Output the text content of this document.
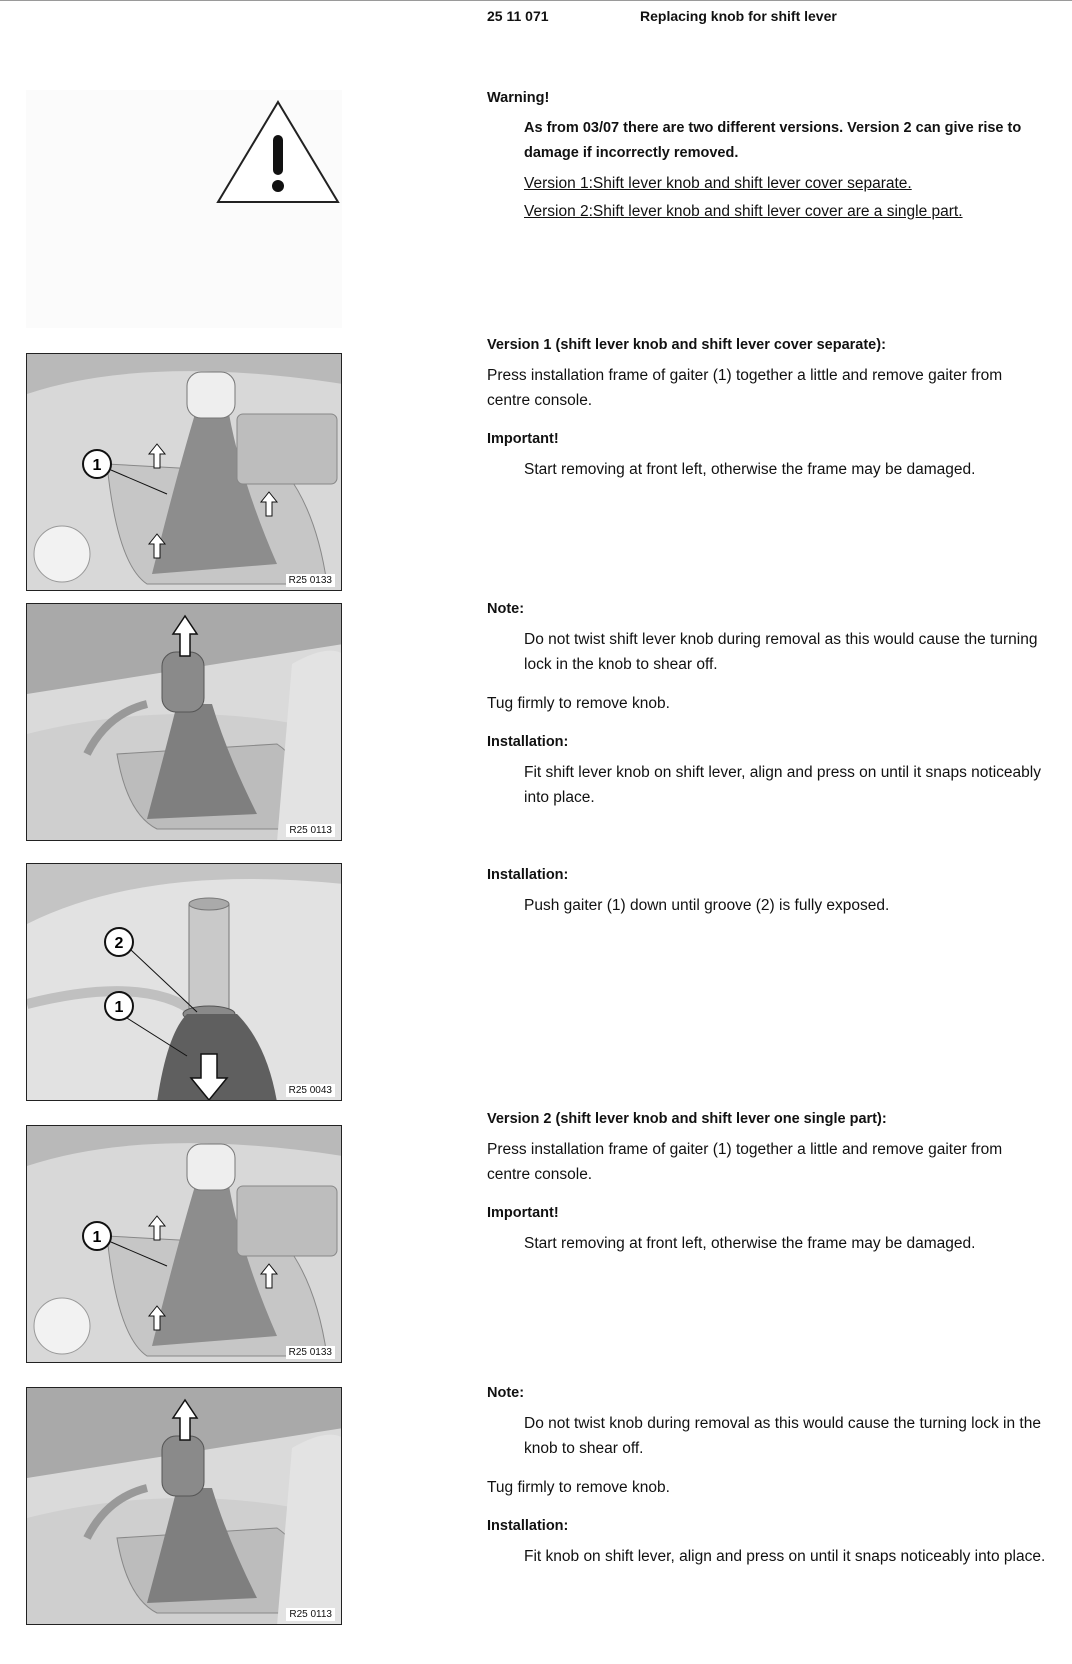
25 11 071	Replacing knob for shift lever
Warning!
As from 03/07 there are two different versions. Version 2 can give rise to damage if incorrectly removed.
Version 1:Shift lever knob and shift lever cover separate.
Version 2:Shift lever knob and shift lever cover are a single part.
1
R25 0133
Version 1 (shift lever knob and shift lever cover separate):
Press installation frame of gaiter (1) together a little and remove gaiter from centre console.
Important!
Start removing at front left, otherwise the frame may be damaged.
R25 0113
Note:
Do not twist shift lever knob during removal as this would cause the turning lock in the knob to shear off.
Tug firmly to remove knob.
Installation:
Fit shift lever knob on shift lever, align and press on until it snaps noticeably into place.
2
1
R25 0043
Installation:
Push gaiter (1) down until groove (2) is fully exposed.
1
R25 0133
Version 2 (shift lever knob and shift lever one single part):
Press installation frame of gaiter (1) together a little and remove gaiter from centre console.
Important!
Start removing at front left, otherwise the frame may be damaged.
R25 0113
Note:
Do not twist knob during removal as this would cause the turning lock in the knob to shear off.
Tug firmly to remove knob.
Installation:
Fit knob on shift lever, align and press on until it snaps noticeably into place.
